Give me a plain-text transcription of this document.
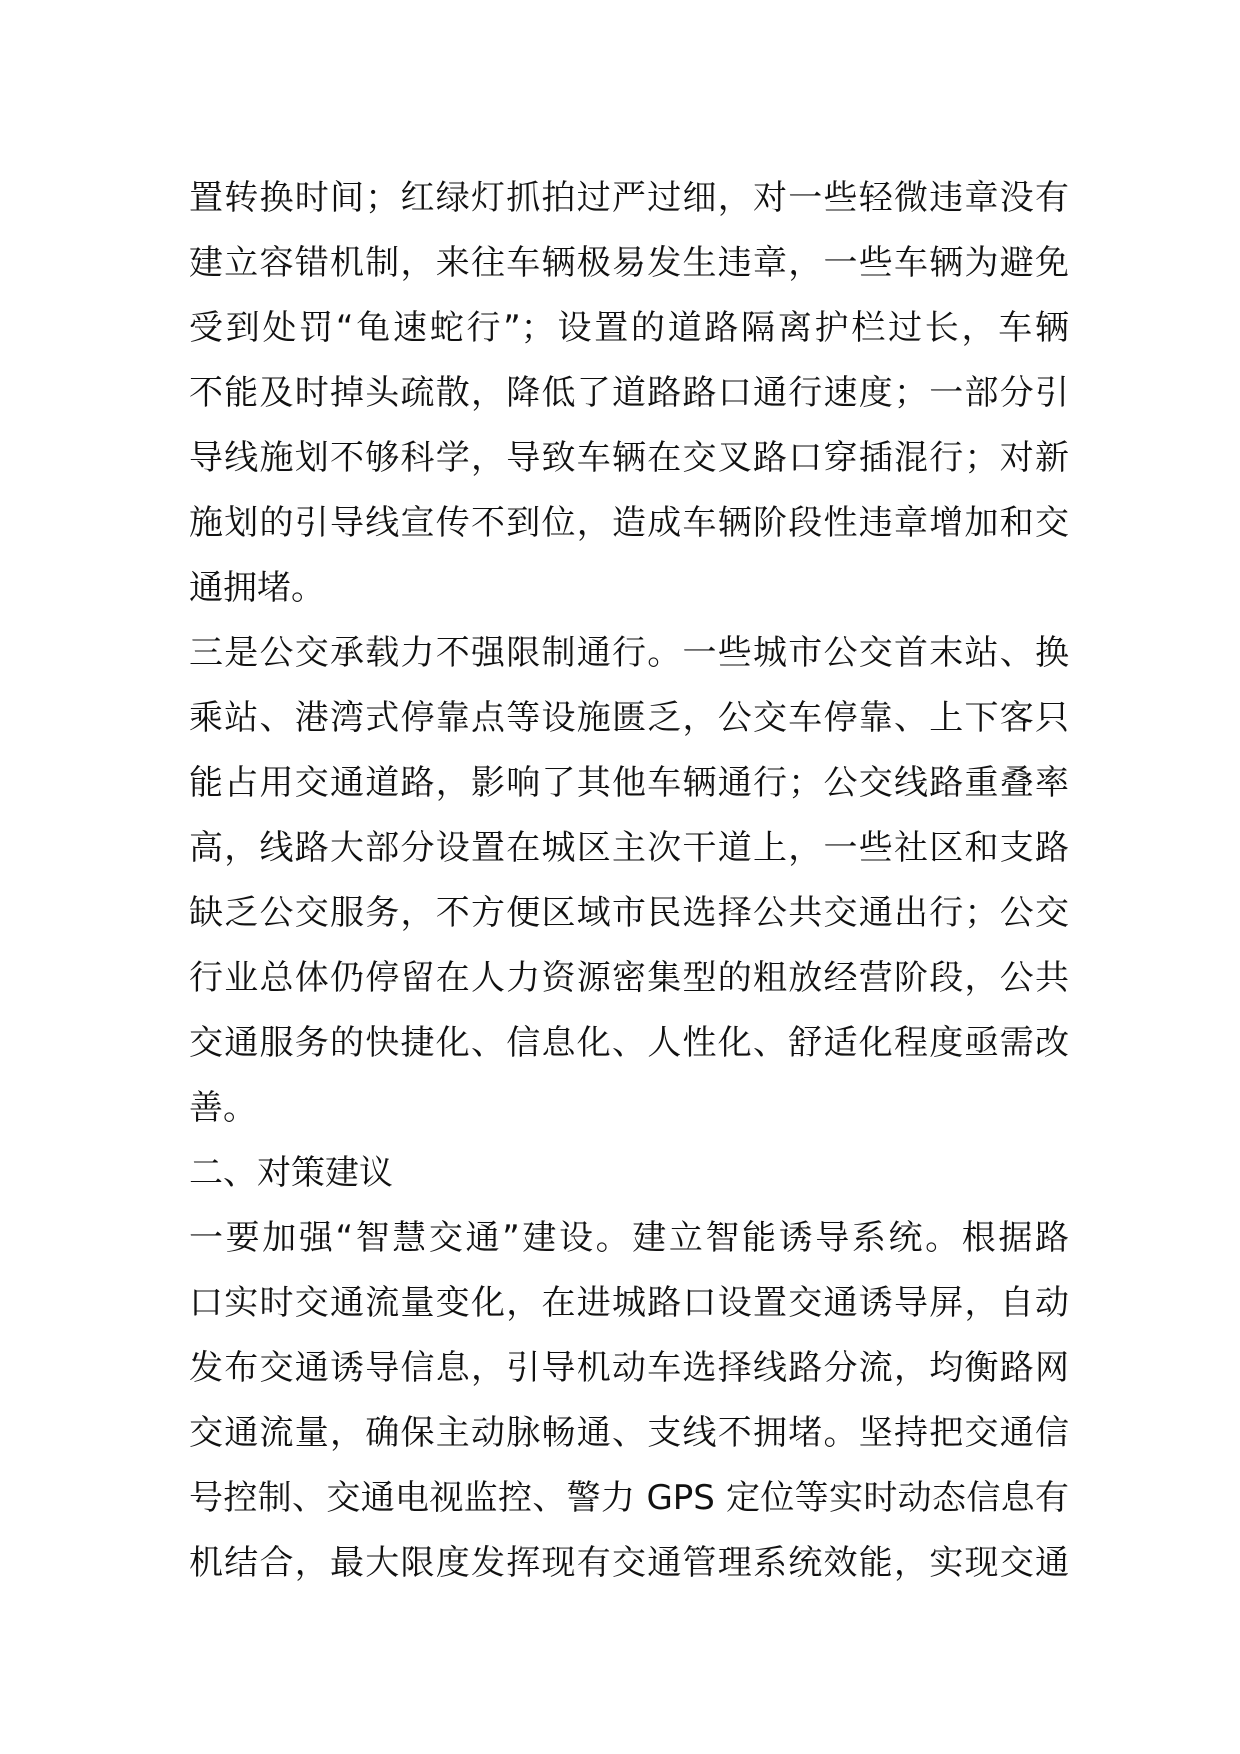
置转换时间；红绿灯抓拍过严过细，对一些轻微违章没有
建立容错机制，来往车辆极易发生违章，一些车辆为避免
受到处罚“龟速蛇行”；设置的道路隔离护栏过长，车辆
不能及时掉头疏散，降低了道路路口通行速度；一部分引
导线施划不够科学，导致车辆在交叉路口穿插混行；对新
施划的引导线宣传不到位，造成车辆阶段性违章增加和交
通拥堵。
三是公交承载力不强限制通行。一些城市公交首末站、换
乘站、港湾式停靠点等设施匮乏，公交车停靠、上下客只
能占用交通道路，影响了其他车辆通行；公交线路重叠率
高，线路大部分设置在城区主次干道上，一些社区和支路
缺乏公交服务，不方便区域市民选择公共交通出行；公交
行业总体仍停留在人力资源密集型的粗放经营阶段，公共
交通服务的快捷化、信息化、人性化、舒适化程度亟需改
善。
二、对策建议
一要加强“智慧交通”建设。建立智能诱导系统。根据路
口实时交通流量变化，在进城路口设置交通诱导屏，自动
发布交通诱导信息，引导机动车选择线路分流，均衡路网
交通流量，确保主动脉畅通、支线不拥堵。坚持把交通信
号控制、交通电视监控、警力 GPS 定位等实时动态信息有
机结合，最大限度发挥现有交通管理系统效能，实现交通
